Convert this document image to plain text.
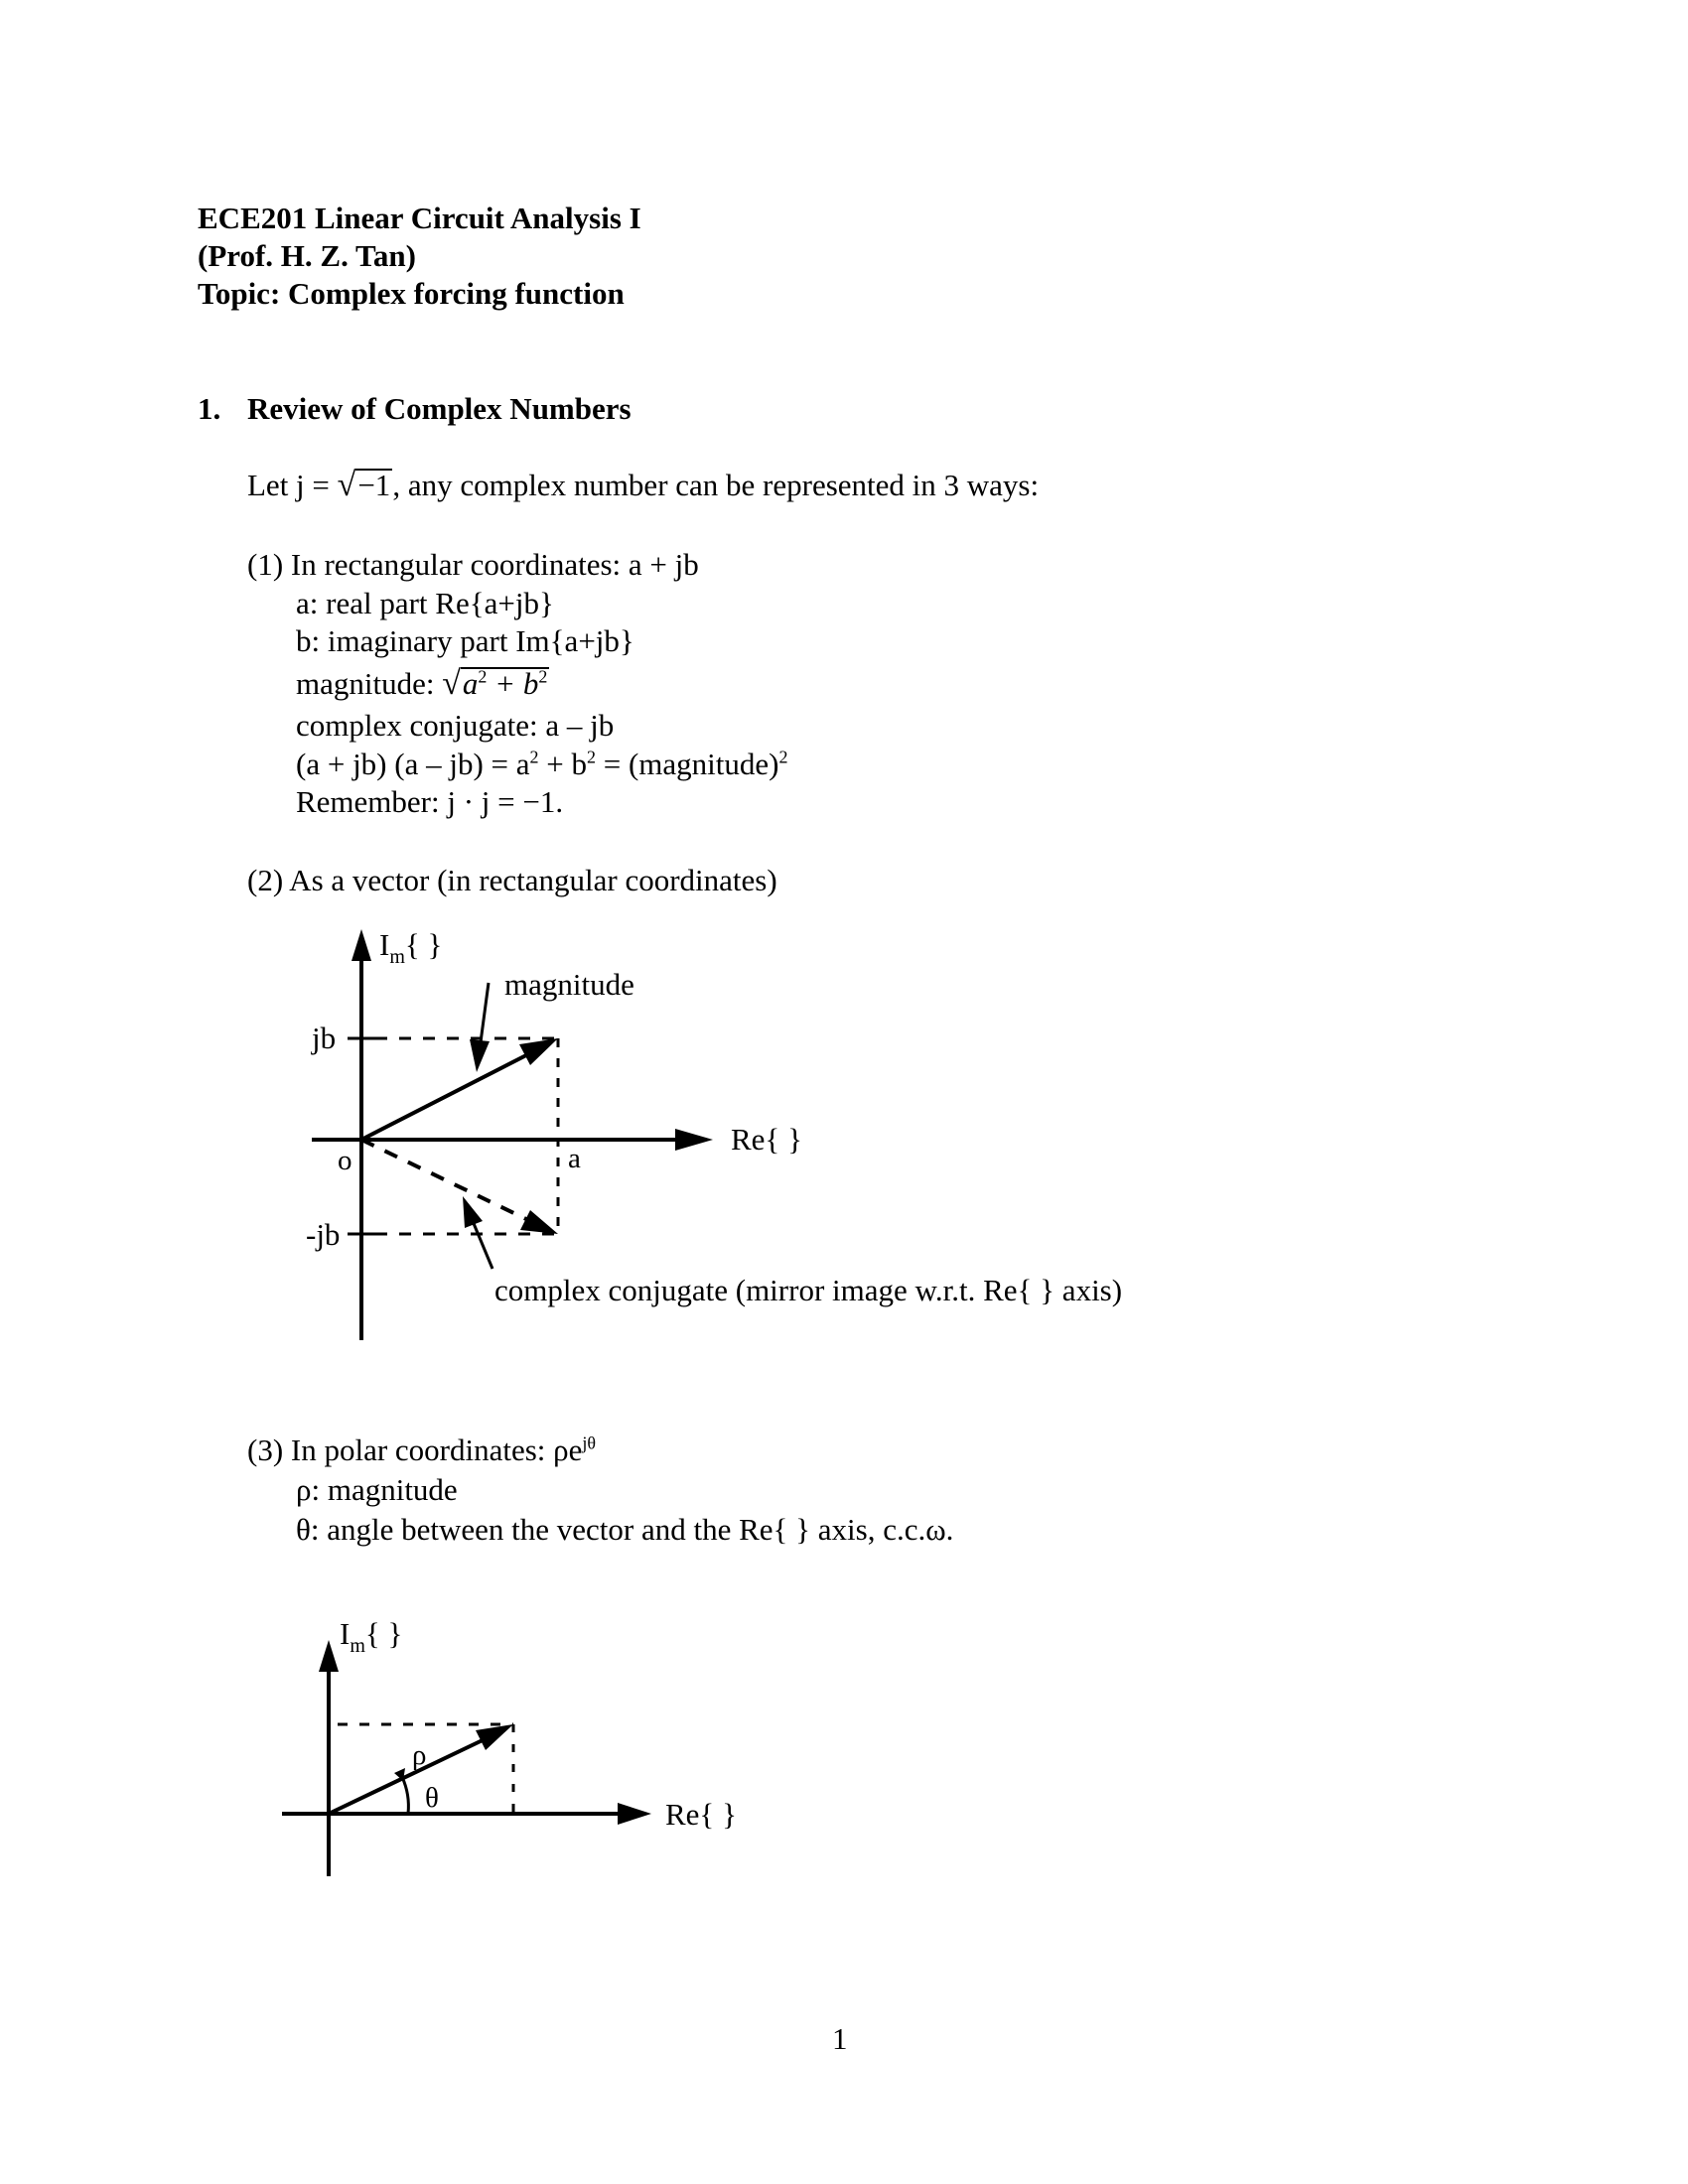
ECE201 Linear Circuit Analysis I
(Prof. H. Z. Tan)
Topic: Complex forcing function
1. Review of Complex Numbers
Let j = √−1, any complex number can be represented in 3 ways:
(1) In rectangular coordinates: a + jb
a: real part Re{a+jb}
b: imaginary part Im{a+jb}
magnitude: $√a^2 + b^2$
complex conjugate: a – jb
(a + jb) $(a - jb) = a^2 + b^2$ = (magnitude)$^2$
Remember: j · j = −1.
(2) As a vector (in rectangular coordinates)
$I_m${ }
Re{ }
jb
-jb
o	a
magnitude
complex conjugate (mirror image w.r.t. Re{ } axis)
(3) In polar coordinates: $\rho e^{j\theta}$
ρ: magnitude
θ: angle between the vector and the Re{ } axis, c.c.ω.
$I_m${ }
Re{ }
ρ
θ
1
